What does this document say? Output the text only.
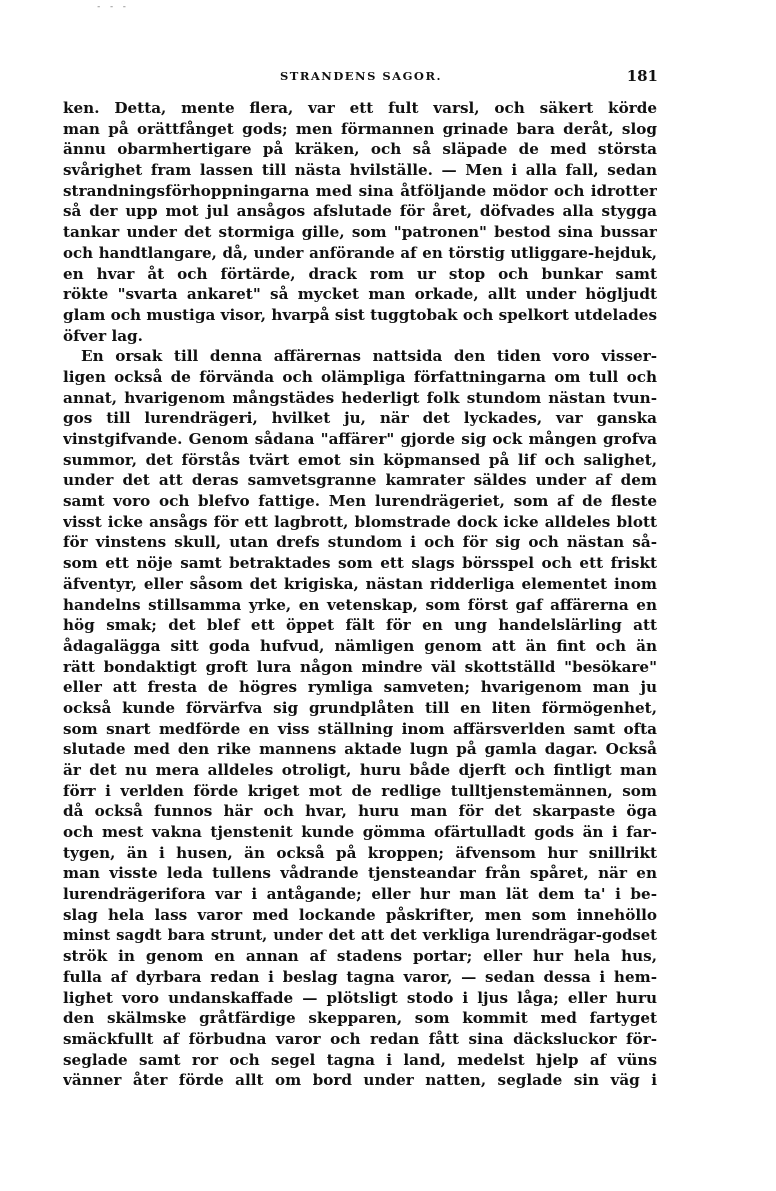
- - -
STRANDENS SAGOR.	181
ken. Detta, mente flera, var ett fult varsl, och säkert körde
man på orättfånget gods; men förmannen grinade bara deråt, slog
ännu obarmhertigare på kräken, och så släpade de med största
svårighet fram lassen till nästa hvilställe. — Men i alla fall, sedan
strandningsförhoppningarna med sina åtföljande mödor och idrotter
så der upp mot jul ansågos afslutade för året, döfvades alla stygga
tankar under det stormiga gille, som "patronen" bestod sina bussar
och handtlangare, då, under anförande af en törstig utliggare-hejduk,
en hvar åt och förtärde, drack rom ur stop och bunkar samt
rökte "svarta ankaret" så mycket man orkade, allt under högljudt
glam och mustiga visor, hvarpå sist tuggtobak och spelkort utdelades
öfver lag.
En orsak till denna affärernas nattsida den tiden voro visser-
ligen också de förvända och olämpliga författningarna om tull och
annat, hvarigenom mångstädes hederligt folk stundom nästan tvun-
gos till lurendrägeri, hvilket ju, när det lyckades, var ganska
vinstgifvande. Genom sådana "affärer" gjorde sig ock mången grofva
summor, det förstås tvärt emot sin köpmansed på lif och salighet,
under det att deras samvetsgranne kamrater säldes under af dem
samt voro och blefvo fattige. Men lurendrägeriet, som af de fleste
visst icke ansågs för ett lagbrott, blomstrade dock icke alldeles blott
för vinstens skull, utan drefs stundom i och för sig och nästan så-
som ett nöje samt betraktades som ett slags börsspel och ett friskt
äfventyr, eller såsom det krigiska, nästan ridderliga elementet inom
handelns stillsamma yrke, en vetenskap, som först gaf affärerna en
hög smak; det blef ett öppet fält för en ung handelslärling att
ådagalägga sitt goda hufvud, nämligen genom att än fint och än
rätt bondaktigt groft lura någon mindre väl skottställd "besökare"
eller att fresta de högres rymliga samveten; hvarigenom man ju
också kunde förvärfva sig grundplåten till en liten förmögenhet,
som snart medförde en viss ställning inom affärsverlden samt ofta
slutade med den rike mannens aktade lugn på gamla dagar. Också
är det nu mera alldeles otroligt, huru både djerft och fintligt man
förr i verlden förde kriget mot de redlige tulltjenstemännen, som
då också funnos här och hvar, huru man för det skarpaste öga
och mest vakna tjenstenit kunde gömma ofärtulladt gods än i far-
tygen, än i husen, än också på kroppen; äfvensom hur snillrikt
man visste leda tullens vådrande tjensteandar från spåret, när en
lurendrägerifora var i antågande; eller hur man lät dem ta' i be-
slag hela lass varor med lockande påskrifter, men som innehöllo
minst sagdt bara strunt, under det att det verkliga lurendrägar-godset
strök in genom en annan af stadens portar; eller hur hela hus,
fulla af dyrbara redan i beslag tagna varor, — sedan dessa i hem-
lighet voro undanskaffade — plötsligt stodo i ljus låga; eller huru
den skälmske gråtfärdige skepparen, som kommit med fartyget
smäckfullt af förbudna varor och redan fått sina däcksluckor för-
seglade samt ror och segel tagna i land, medelst hjelp af vüns
vänner åter förde allt om bord under natten, seglade sin väg i
